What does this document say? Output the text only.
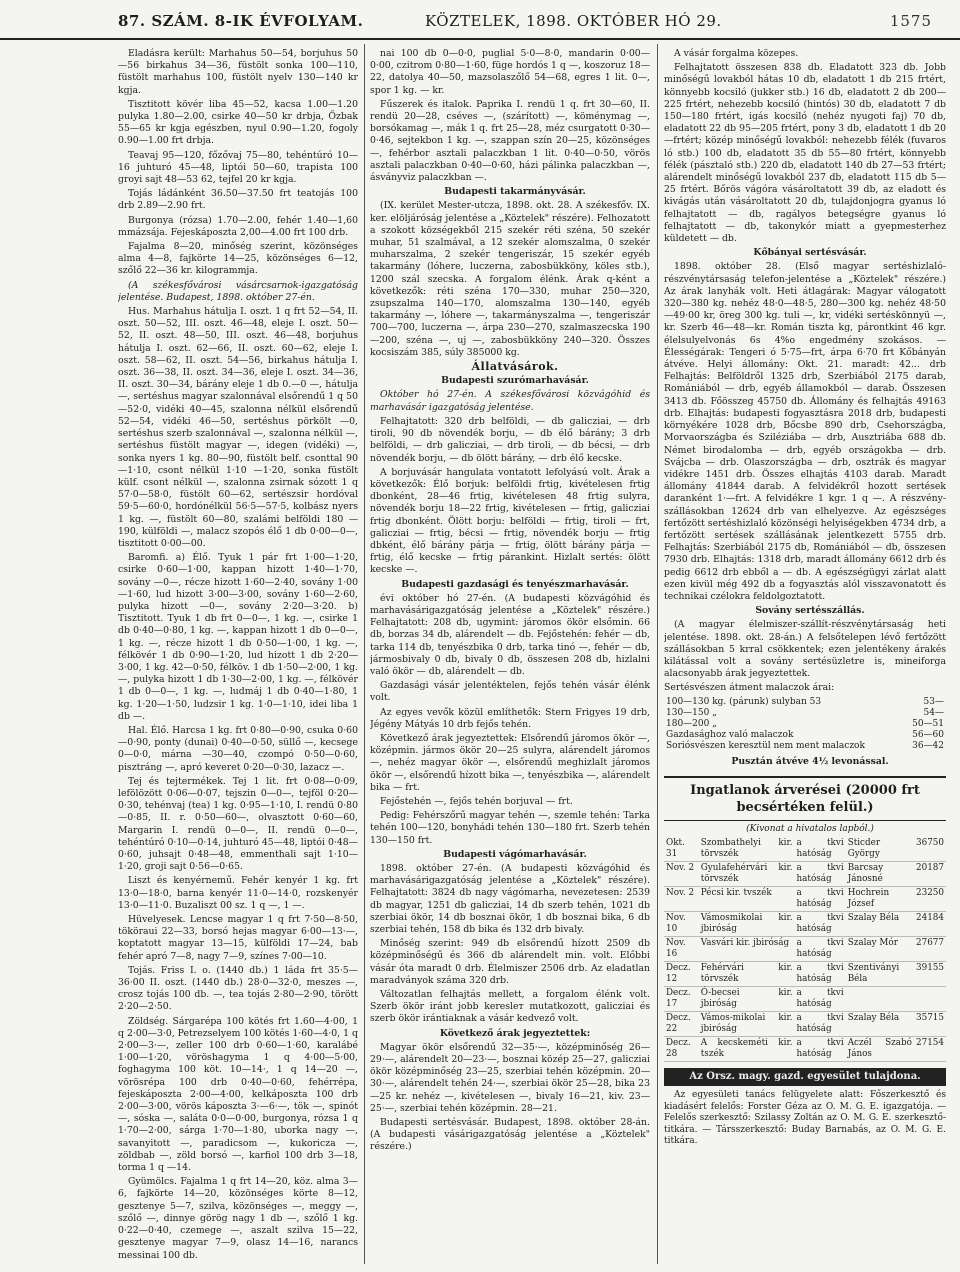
87. SZÁM. 8-IK ÉVFOLYAM.	KÖZTELEK, 1898. OKTÓBER HÓ 29.	1575

Eladásra került: Marhahus 50—54, borjuhus 50—56 birkahus 34—36, füstölt sonka 100—110, füstölt marhahus 100, füstölt nyelv 130—140 kr kgja.

Tisztitott kövér liba 45—52, kacsa 1.00—1.20 pulyka 1.80—2.00, csirke 40—50 kr drbja, Őzbak 55—65 kr kgja egészben, nyul 0.90—1.20, fogoly 0.90—1.00 frt drbja.

Teavaj 95—120, főzővaj 75—80, tehéntúró 10—16 juhturó 45—48, liptói 50—60, trapista 100 groyi sajt 48—53 62, tejfel 20 kr kgja.

Tojás ládánként 36.50—37.50 frt teatojás 100 drb 2.89—2.90 frt.

Burgonya (rózsa) 1.70—2.00, fehér 1.40—1,60 mmázsája. Fejeskáposzta 2,00—4.00 frt 100 drb.

Fajalma 8—20, minőség szerint, közönséges alma 4—8, fajkörte 14—25, közönséges 6—12, szőlő 22—36 kr. kilogrammja.

(A székesfővárosi vásárcsarnok-igazgatóság jelentése. Budapest, 1898. október 27-én.

Hus. Marhahus hátulja I. oszt. 1 q frt 52—54, II. oszt. 50—52, III. oszt. 46—48, eleje I. oszt. 50—52, II. oszt. 48—50, III. oszt. 46—48, borjuhus hátulja I. oszt. 62—66, II. oszt. 60—62, eleje I. oszt. 58—62, II. oszt. 54—56, birkahus hátulja I. oszt. 36—38, II. oszt. 34—36, eleje I. oszt. 34—36, II. oszt. 30—34, bárány eleje 1 db 0.—0 —, hátulja —, sertéshus magyar szalonnával elsőrendű 1 q 50—52·0, vidéki 40—45, szalonna nélkül elsőrendű 52—54, vidéki 46—50, sertéshus pörkölt —0, sertéshus szerb szalonnával —, szalonna nélkül —, sertéshus füstölt magyar —, idegen (vidéki) —, sonka nyers 1 kg. 80—90, füstölt belf. csonttal 90—1·10, csont nélkül 1·10 —1·20, sonka füstölt külf. csont nélkül —, szalonna zsirnak sózott 1 q 57·0—58·0, füstölt 60—62, sertészsir hordóval 59·5—60·0, hordónélkül 56·5—57·5, kolbász nyers 1 kg. —, füstölt 60—80, szalámi belföldi 180 —190, külföldi —, malacz szopós élő 1 db 0·00—0—, tisztitott 0·00—00.

Baromfi. a) Élő. Tyuk 1 pár frt 1·00—1·20, csirke 0·60—1·00, kappan hizott 1·40—1·70, sovány —0—, récze hizott 1·60—2·40, sovány 1·00—1·60, lud hizott 3·00—3·00, sovány 1·60—2·60, pulyka hizott —0—, sovány 2·20—3·20. b) Tisztitott. Tyuk 1 db frt 0—0—, 1 kg. —, csirke 1 db 0·40—0·80, 1 kg. —, kappan hizott 1 db 0—0—, 1 kg. —, récze hizott 1 db 0·50—1·00, 1 kg. —, félkövér 1 db 0·90—1·20, lud hizott 1 db 2·20—3·00, 1 kg. 42—0·50, félköv. 1 db 1·50—2·00, 1 kg. —, pulyka hizott 1 db 1·30—2·00, 1 kg. —, félkövér 1 db 0—0—, 1 kg. —, ludmáj 1 db 0·40—1·80, 1 kg. 1·20—1·50, ludzsir 1 kg. 1·0—1·10, idei liba 1 db —.

Hal. Élő. Harcsa 1 kg. frt 0·80—0·90, csuka 0·60 —0·90, ponty (dunai) 0·40—0·50, süllő —, kecsege 0—0·0, márna —30—40, czompó 0·50—0·60, pisztráng —, apró keveret 0·20—0·30, lazacz —.

Tej és tejtermékek. Tej 1 lit. frt 0·08—0·09, lefölözött 0·06—0·07, tejszin 0—0—, tejföl 0·20—0·30, tehénvaj (tea) 1 kg. 0·95—1·10, I. rendü 0·80—0·85, II. r. 0·50—60—, olvasztott 0·60—60, Margarin I. rendü 0—0—, II. rendü 0—0—, tehéntúró 0·10—0·14, juhturó 45—48, liptói 0·48—0·60, juhsajt 0·48—48, emmenthali sajt 1·10—1·20, groji sajt 0·56—0·65.

Liszt és kenyérnemű. Fehér kenyér 1 kg. frt 13·0—18·0, barna kenyér 11·0—14·0, rozskenyér 13·0—11·0. Buzaliszt 00 sz. 1 q —, 1 —.

Hüvelyesek. Lencse magyar 1 q frt 7·50—8·50, tököraui 22—33, borsó hejas magyar 6·00—13·—, koptatott magyar 13—15, külföldi 17—24, bab fehér apró 7—8, nagy 7—9, színes 7·00—10.

Tojás. Friss I. o. (1440 db.) 1 láda frt 35·5—36·00 II. oszt. (1440 db.) 28·0—32·0, meszes —, crosz tojás 100 db. —, tea tojás 2·80—2·90, törött 2·20—2·50.

Zöldség. Sárgarépa 100 kötés frt 1.60—4·00, 1 q 2·00—3·0, Petrezselyem 100 kötés 1·60—4·0, 1 q 2·00—3·—, zeller 100 drb 0·60—1·60, karalábé 1·00—1·20, vöröshagyma 1 q 4·00—5·00, foghagyma 100 köt. 10—14·, 1 q 14—20 —, vörösrépa 100 drb 0·40—0·60, fehérrépa, fejeskáposzta 2·00—4·00, kelkáposzta 100 drb 2·00—3·00, vörös káposzta 3·—6·—, tök —, spinót —, sóska —, saláta 0·0—0·00, burgonya, rózsa 1 q 1·70—2·00, sárga 1·70—1·80, uborka nagy —, savanyitott —, paradicsom —, kukoricza —, zöldbab —, zöld borsó —, karfiol 100 drb 3—18, torma 1 q —14.

Gyümölcs. Fajalma 1 q frt 14—20, köz. alma 3—6, fajkörte 14—20, közönséges körte 8—12, gesztenye 5—7, szilva, közönséges —, meggy —, szőlő —, dinnye görög nagy 1 db —, szőlő 1 kg. 0·22—0·40, czemege —, aszalt szilva 15—22, gesztenye magyar 7—9, olasz 14—16, narancs messinai 100 db.

nai 100 db 0—0·0, puglial 5·0—8·0, mandarin 0·00—0·00, czitrom 0·80—1·60, füge hordós 1 q —, koszoruz 18—22, datolya 40—50, mazsolaszőlő 54—68, egres 1 lit. 0—, spor 1 kg. — kr.

Fűszerek és italok. Paprika I. rendü 1 q. frt 30—60, II. rendü 20—28, cséves —, (szárított) —, köménymag —, borsókamag —, mák 1 q. frt 25—28, méz csurgatott 0·30—0·46, sejtekbon 1 kg. —, szappan szín 20—25, közönséges —, fehérbor asztali palaczkban 1 lit. 0·40—0·50, vörös asztali palaczkban 0·40—0·60, házi pálinka palaczkban —, ásványviz palaczkban —.

Budapesti takarmányvásár.

(IX. kerület Mester-utcza, 1898. okt. 28. A székesfőv. IX. ker. elöljáróság jelentése a „Köztelek" részére). Felhozatott a szokott községekből 215 szekér réti széna, 50 szekér muhar, 51 szalmával, a 12 szekér alomszalma, 0 szekér muharszalma, 2 szekér tengeriszár, 15 szekér egyéb takarmány (lóhere, luczerna, zabosbükköny, köles stb.), 1200 szál szecska. A forgalom élénk. Árak q-ként a következők: réti széna 170—330, muhar 250—320, zsupszalma 140—170, alomszalma 130—140, egyéb takarmány —, lóhere —, takarmányszalma —, tengeriszár 700—700, luczerna —, árpa 230—270, szalmaszecska 190—200, széna —, uj —, zabosbükköny 240—320. Összes kocsiszám 385, súly 385000 kg.

Állatvásárok.

Budapesti szurómarhavásár.

Október hó 27-én. A székesfővárosi közvágóhid és marhavásár igazgatóság jelentése.

Felhajtatott: 320 drb belföldi, — db galicziai, — drb tiroli, 90 db növendék borju, — db élő bárány; 3 drb belföldi, — drb galicziai, — drb tiroli, — db bécsi, — drb növendék borju, — db ölött bárány, — drb élő kecske.

A borjuvásár hangulata vontatott lefolyású volt. Árak a következők: Élő borjuk: belföldi frtig, kivételesen frtig dbonként, 28—46 frtig, kivételesen 48 frtig sulyra, növendék borju 18—22 frtig, kivételesen — frtig, galicziai frtig dbonként. Ölött borju: belföldi — frtig, tiroli — frt, galicziai — frtig, bécsi — frtig, növendék borju — frtig dbként, élő bárány párja — frtig, ölött bárány párja — frtig, élő kecske — frtig párankint. Hizlalt sertés: ölött kecske —.

Budapesti gazdasági és tenyészmarhavásár.

évi október hó 27-én. (A budapesti közvágóhid és marhavásárigazgatóság jelentése a „Köztelek" részére.) Felhajtatott: 208 db, ugymint: járomos ökör elsőmin. 66 db, borzas 34 db, alárendelt — db. Fejőstehén: fehér — db, tarka 114 db, tenyészbika 0 drb, tarka tinó —, fehér — db, jármosbivaly 0 db, bivaly 0 db, összesen 208 db, hizlalni való ökör — db, alárendelt — db.

Gazdasági vásár jelentéktelen, fejős tehén vásár élénk volt.

Az egyes vevők közül említhetők: Stern Frigyes 19 drb, Jégény Mátyás 10 drb fejős tehén.

Következő árak jegyeztettek: Elsőrendű járomos ökör —, középmin. jármos ökör 20—25 sulyra, alárendelt járomos —, nehéz magyar ökör —, elsőrendű meghizlalt járomos ökör —, elsőrendű hízott bika —, tenyészbika —, alárendelt bika — frt.

Fejőstehén —, fejős tehén borjuval — frt.

Pedig: Fehérszőrű magyar tehén —, szemle tehén: Tarka tehén 100—120, bonyhádi tehén 130—180 frt. Szerb tehén 130—150 frt.

Budapesti vágómarhavásár.

1898. október 27-én. (A budapesti közvágóhid és marhavásárigazgatóság jelentése a „Köztelek" részére). Felhajtatott: 3824 db nagy vágómarha, nevezetesen: 2539 db magyar, 1251 db galicziai, 14 db szerb tehén, 1021 db szerbiai ökör, 14 db bosznai ökör, 1 db bosznai bika, 6 db szerbiai tehén, 158 db bika és 132 drb bivaly.

Minőség szerint: 949 db elsőrendű hízott 2509 db középminőségű és 366 db alárendelt min. volt. Előbbi vásár óta maradt 0 drb. Élelmiszer 2506 drb. Az eladatlan maradványok száma 320 drb.

Változatlan felhajtás mellett, a forgalom élénk volt. Szerb ökör iránt jobb keresleт mutatkozott, galicziai és szerb ökör irántiaknak a vásár kedvező volt.

Következő árak jegyeztettek:

Magyar ökör elsőrendű 32—35·—, középminőség 26—29·—, alárendelt 20—23·—, bosznai közép 25—27, galicziai ökör középminőség 23—25, szerbiai tehén középmin. 20—30·—, alárendelt tehén 24·—, szerbiai ökör 25—28, bika 23—25 kr. nehéz —, kivételesen —, bivaly 16—21, kiv. 23—25·—, szerbiai tehén középmin. 28—21.

Budapesti sertésvásár. Budapest, 1898. október 28-án. (A budapesti vásárigazgatóság jelentése a „Köztelek" részére.)

A vásár forgalma közepes.

Felhajtatott összesen 838 db. Eladatott 323 db. Jobb minőségű lovakból hátas 10 db, eladatott 1 db 215 frtért, könnyebb kocsiló (jukker stb.) 16 db, eladatott 2 db 200—225 frtért, nehezebb kocsiló (hintós) 30 db, eladatott 7 db 150—180 frtért, igás kocsiló (nehéz nyugoti faj) 70 db, eladatott 22 db 95—205 frtért, pony 3 db, eladatott 1 db 20—frtért; közép minőségű lovakból: nehezebb félék (fuvaros ló stb.) 100 db, eladatott 35 db 55—80 frtért, könnyebb félék (pásztaló stb.) 220 db, eladatott 140 db 27—53 frtért; alárendelt minőségű lovakból 237 db, eladatott 115 db 5—25 frtért. Bőrös vágóra vásároltatott 39 db, az eladott és kivágás után vásároltatott 20 db, tulajdonjogra gyanus ló felhajtatott — db, ragályos betegségre gyanus ló felhajtatott — db, takonykór miatt a gyepmesterhez küldetett — db.

Kőbányai sertésvásár.

1898. október 28. (Első magyar sertéshizlaló-részvénytársaság telefon-jelentése a „Köztelek" részére.) Az árak lanyhák volt. Heti átlagárak: Magyar válogatott 320—380 kg. nehéz 48·0—48·5, 280—300 kg. nehéz 48·50—49·00 kr, öreg 300 kg. tuli —, kr, vidéki sertéskönnyü —, kr. Szerb 46—48—kr. Román tiszta kg, párontkint 46 kgr. élelsulyelvonás 6s 4%o engedmény szokásos. — Élességárak: Tengeri ó 5·75—frt, árpa 6·70 frt Kőbányán átvéve. Helyi állomány: Okt. 21. maradt: 42... drb Felhajtás: Belföldről 1325 drb, Szerbiából 2175 darab, Romániából — drb, egyéb államokból — darab. Összesen 3413 db. Főösszeg 45750 db. Állomány és felhajtás 49163 drb. Elhajtás: budapesti fogyasztásra 2018 drb, budapesti környékére 1028 drb, Bőcsbe 890 drb, Csehországba, Morvaországba és Sziléziába — drb, Ausztriába 688 db. Német birodalomba — drb, egyéb országokba — drb. Svájcba — drb. Olaszországba — drb, osztrák és magyar vidékre 1451 drb. Összes elhajtás 4103 darab. Maradt állomány 41844 darab. A felvidékről hozott sertések daranként 1·—frt. A felvidékre 1 kgr. 1 q —. A részvény-szállásokban 12624 drb van elhelyezve. Az egészséges fertőzött sertéshizlaló közönségi helyiségekben 4734 drb, a fertőzött sertések szállásának jelentkezett 5755 drb. Felhajtás: Szerbiából 2175 db, Romániából — db, összesen 7930 drb. Elhajtás: 1318 drb, maradt állomány 6612 drb és pedig 6612 drb ebből a — db. A egészségügyi zárlat alatt ezen kivül még 492 db a fogyasztás alól visszavonatott és technikai czélokra feldolgoztatott.

Sovány sertésszállás.

(A magyar élelmiszer-szállít-részvénytársaság heti jelentése. 1898. okt. 28-án.) A felsőtelepen lévő fertőzött szállásokban 5 krral csökkentek; ezen jelentékeny árakés kilátással volt a sovány sertésüzletre is, mineiforga alacsonyabb árak jegyeztettek.

Sertésvészen átment malaczok árai:

100—130 kg. (párunk) sulyban 53	53—
130—150 „	54—
180—200 „	50—51
Gazdasághoz való malaczok	56—60
Soriósvészen keresztül nem ment malaczok	36—42

Pusztán átvéve 4½ levonással.

Ingatlanok árverései (20000 frt becsértéken felül.)

(Kivonat a hivatalos lapból.)

Okt. 31	Szombathelyi kir. törvszék	a tkvi hatóság	Sticder György	36750
Nov. 2	Gyulafehérvári kir. törvszék	a tkvi hatóság	Barcsay Jánosné	20187
Nov. 2	Pécsi kir. tvszék	a tkvi hatóság	Hochrein József	23250
Nov. 10	Vámosmikolai kir. jbiróság	a tkvi hatóság	Szalay Béla	24184
Nov. 16	Vasvári kir. jbiróság	a tkvi hatóság	Szalay Mór	27677
Decz. 12	Fehérvári kir. törvszék	a tkvi hatóság	Szentiványi Béla	39155
Decz. 17	Ó-becsei kir. jbiróság	a tkvi hatóság		
Decz. 22	Vámos-mikolai kir. jbiróság	a tkvi hatóság	Szalay Béla	35715
Decz. 28	A kecskeméti kir. tszék	a tkvi hatóság	Aczél Szabó János	27154
Az Orsz. magy. gazd. egyesület tulajdona.

Az egyesületi tanács felügyelete alatt: Főszerkesztő és kiadásért felelős: Forster Géza az O. M. G. E. igazgatója. — Felelős szerkesztő: Szilassy Zoltán az O. M. G. E. szerkesztő-titkára. — Társszerkesztő: Buday Barnabás, az O. M. G. E. titkára.
